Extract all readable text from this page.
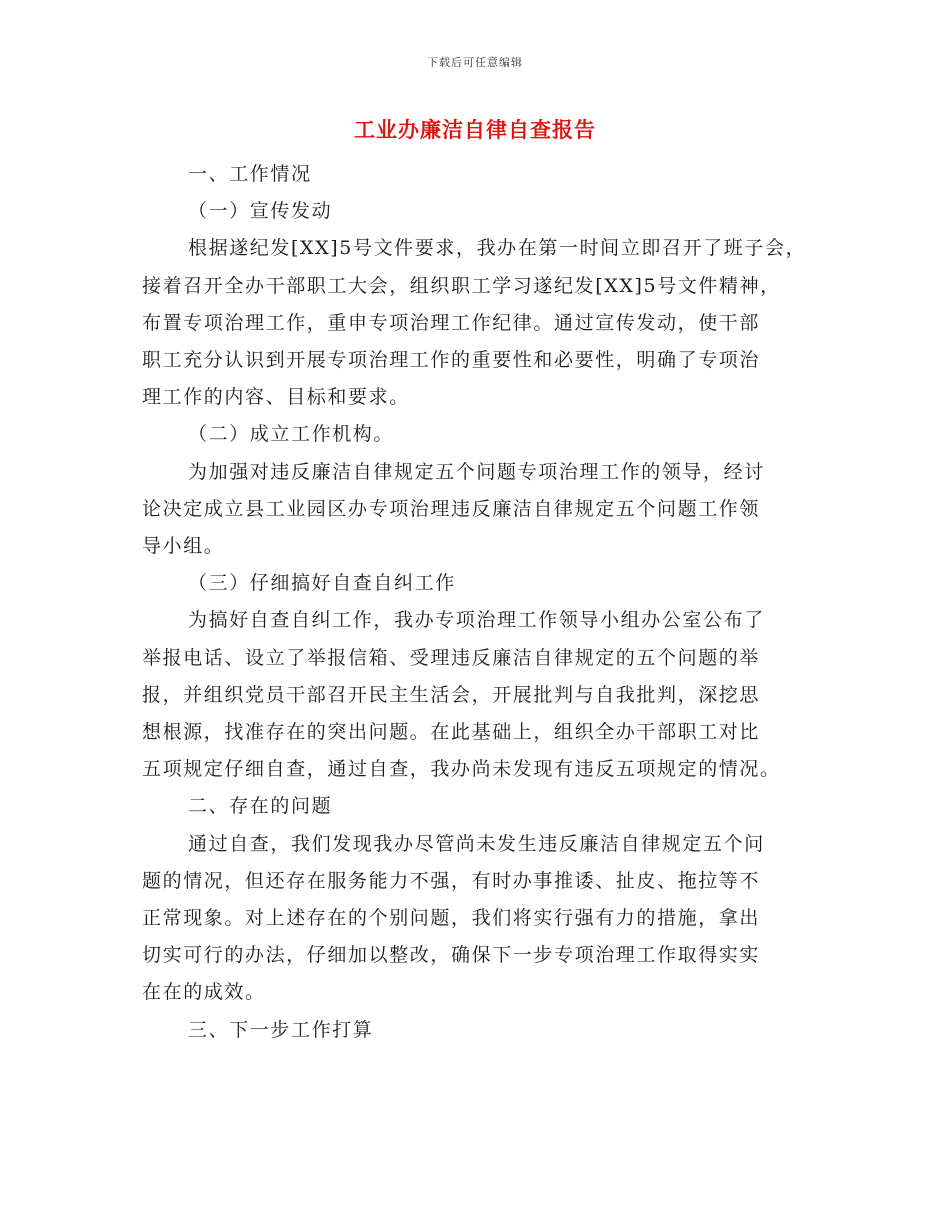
下载后可任意编辑
工业办廉洁自律自查报告

一、工作情况

（一）宣传发动

根据遂纪发[XX]5号文件要求，我办在第一时间立即召开了班子会，
接着召开全办干部职工大会，组织职工学习遂纪发[XX]5号文件精神，
布置专项治理工作，重申专项治理工作纪律。通过宣传发动，使干部
职工充分认识到开展专项治理工作的重要性和必要性，明确了专项治
理工作的内容、目标和要求。

（二）成立工作机构。

为加强对违反廉洁自律规定五个问题专项治理工作的领导，经讨
论决定成立县工业园区办专项治理违反廉洁自律规定五个问题工作领
导小组。

（三）仔细搞好自查自纠工作

为搞好自查自纠工作，我办专项治理工作领导小组办公室公布了
举报电话、设立了举报信箱、受理违反廉洁自律规定的五个问题的举
报，并组织党员干部召开民主生活会，开展批判与自我批判，深挖思
想根源，找准存在的突出问题。在此基础上，组织全办干部职工对比
五项规定仔细自查，通过自查，我办尚未发现有违反五项规定的情况。

二、存在的问题

通过自查，我们发现我办尽管尚未发生违反廉洁自律规定五个问
题的情况，但还存在服务能力不强，有时办事推诿、扯皮、拖拉等不
正常现象。对上述存在的个别问题，我们将实行强有力的措施，拿出
切实可行的办法，仔细加以整改，确保下一步专项治理工作取得实实
在在的成效。

三、下一步工作打算
